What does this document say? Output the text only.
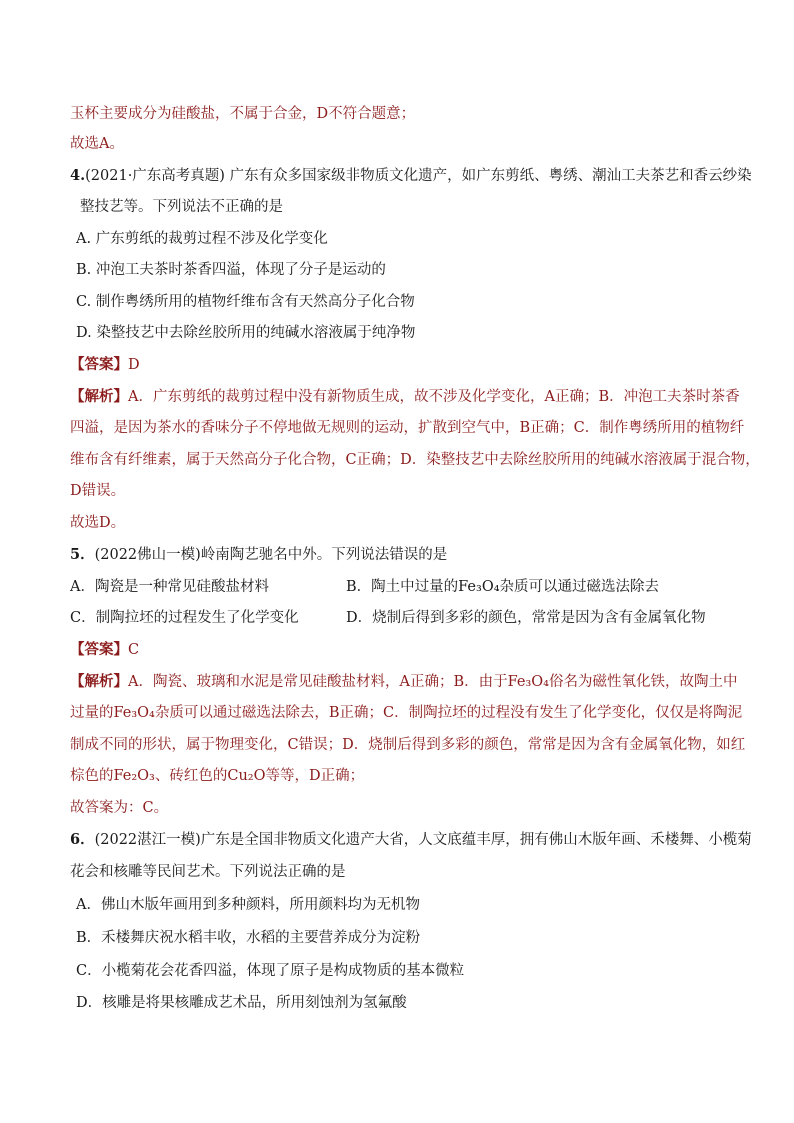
玉杯主要成分为硅酸盐，不属于合金，D不符合题意；
故选A。
4.(2021·广东高考真题) 广东有众多国家级非物质文化遗产，如广东剪纸、粤绣、潮汕工夫茶艺和香云纱染
整技艺等。下列说法不正确的是
A. 广东剪纸的裁剪过程不涉及化学变化
B. 冲泡工夫茶时茶香四溢，体现了分子是运动的
C. 制作粤绣所用的植物纤维布含有天然高分子化合物
D. 染整技艺中去除丝胶所用的纯碱水溶液属于纯净物
【答案】D
【解析】A．广东剪纸的裁剪过程中没有新物质生成，故不涉及化学变化，A正确；B．冲泡工夫茶时茶香
四溢，是因为茶水的香味分子不停地做无规则的运动，扩散到空气中，B正确；C．制作粤绣所用的植物纤
维布含有纤维素，属于天然高分子化合物，C正确；D．染整技艺中去除丝胶所用的纯碱水溶液属于混合物，
D错误。
故选D。
5．(2022佛山一模)岭南陶艺驰名中外。下列说法错误的是
A．陶瓷是一种常见硅酸盐材料	B．陶土中过量的Fe₃O₄杂质可以通过磁选法除去
C．制陶拉坯的过程发生了化学变化	D．烧制后得到多彩的颜色，常常是因为含有金属氧化物
【答案】C
【解析】A．陶瓷、玻璃和水泥是常见硅酸盐材料，A正确；B．由于Fe₃O₄俗名为磁性氧化铁，故陶土中
过量的Fe₃O₄杂质可以通过磁选法除去，B正确；C．制陶拉坯的过程没有发生了化学变化，仅仅是将陶泥
制成不同的形状，属于物理变化，C错误；D．烧制后得到多彩的颜色，常常是因为含有金属氧化物，如红
棕色的Fe₂O₃、砖红色的Cu₂O等等，D正确；
故答案为：C。
6．(2022湛江一模)广东是全国非物质文化遗产大省，人文底蕴丰厚，拥有佛山木版年画、禾楼舞、小榄菊
花会和核雕等民间艺术。下列说法正确的是
A．佛山木版年画用到多种颜料，所用颜料均为无机物
B．禾楼舞庆祝水稻丰收，水稻的主要营养成分为淀粉
C．小榄菊花会花香四溢，体现了原子是构成物质的基本微粒
D．核雕是将果核雕成艺术品，所用刻蚀剂为氢氟酸
